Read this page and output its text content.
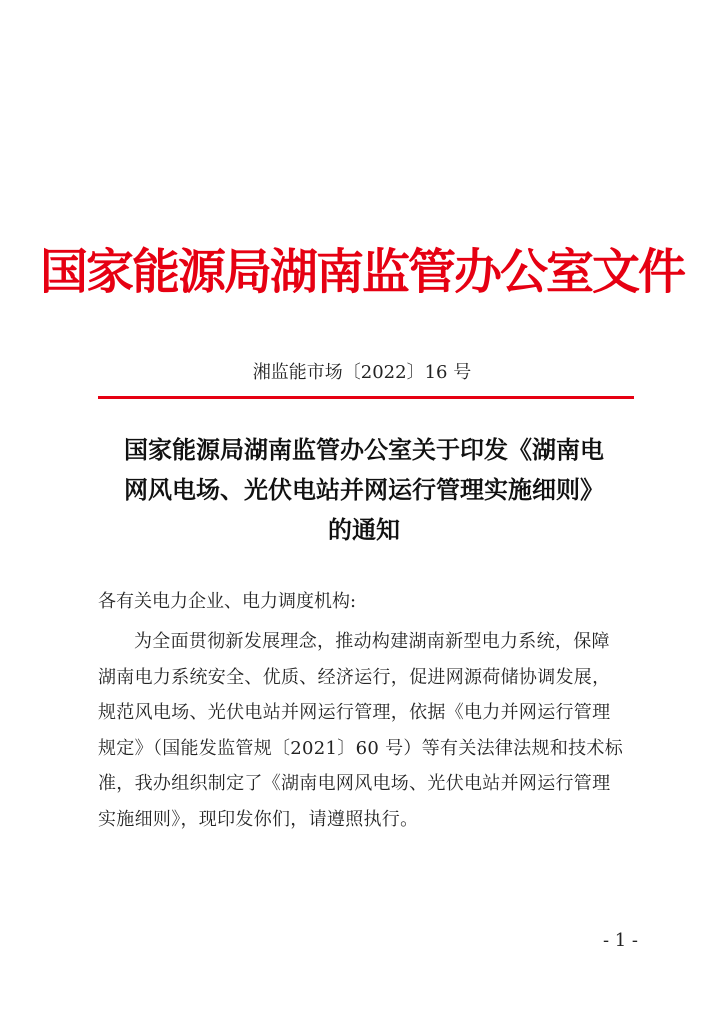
国家能源局湖南监管办公室文件
湘监能市场〔2022〕16 号
国家能源局湖南监管办公室关于印发《湖南电
网风电场、光伏电站并网运行管理实施细则》
的通知
各有关电力企业、电力调度机构:
为全面贯彻新发展理念，推动构建湖南新型电力系统，保障
湖南电力系统安全、优质、经济运行，促进网源荷储协调发展，
规范风电场、光伏电站并网运行管理，依据《电力并网运行管理
规定》（国能发监管规〔2021〕60 号）等有关法律法规和技术标
准，我办组织制定了《湖南电网风电场、光伏电站并网运行管理
实施细则》，现印发你们，请遵照执行。
- 1 -
